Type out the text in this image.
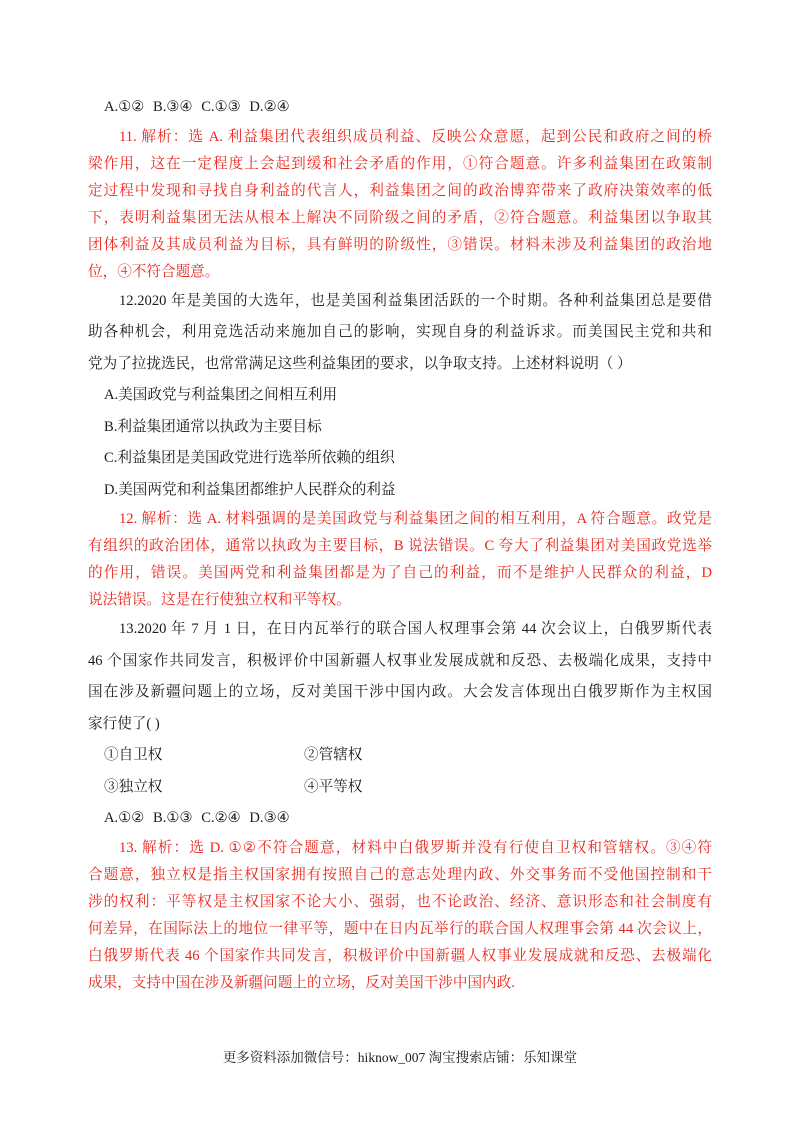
A.①② B.③④ C.①③ D.②④
11. 解析：选 A. 利益集团代表组织成员利益、反映公众意愿，起到公民和政府之间的桥
梁作用，这在一定程度上会起到缓和社会矛盾的作用，①符合题意。许多利益集团在政策制
定过程中发现和寻找自身利益的代言人，利益集团之间的政治博弈带来了政府决策效率的低
下，表明利益集团无法从根本上解决不同阶级之间的矛盾，②符合题意。利益集团以争取其
团体利益及其成员利益为目标，具有鲜明的阶级性，③错误。材料未涉及利益集团的政治地
位，④不符合题意。
12.2020 年是美国的大选年，也是美国利益集团活跃的一个时期。各种利益集团总是要借
助各种机会，利用竞选活动来施加自己的影响，实现自身的利益诉求。而美国民主党和共和
党为了拉拢选民，也常常满足这些利益集团的要求，以争取支持。上述材料说明（ ）
A.美国政党与利益集团之间相互利用
B.利益集团通常以执政为主要目标
C.利益集团是美国政党进行选举所依赖的组织
D.美国两党和利益集团都维护人民群众的利益
12. 解析：选 A. 材料强调的是美国政党与利益集团之间的相互利用，A 符合题意。政党是
有组织的政治团体，通常以执政为主要目标，B 说法错误。C 夸大了利益集团对美国政党选举
的作用，错误。美国两党和利益集团都是为了自己的利益，而不是维护人民群众的利益，D
说法错误。这是在行使独立权和平等权。
13.2020 年 7 月 1 日，在日内瓦举行的联合国人权理事会第 44 次会议上，白俄罗斯代表
46 个国家作共同发言，积极评价中国新疆人权事业发展成就和反恐、去极端化成果，支持中
国在涉及新疆问题上的立场，反对美国干涉中国内政。大会发言体现出白俄罗斯作为主权国
家行使了( )
①自卫权	②管辖权
③独立权	④平等权
A.①② B.①③ C.②④ D.③④
13. 解析：选 D. ①②不符合题意，材料中白俄罗斯并没有行使自卫权和管辖权。③④符
合题意，独立权是指主权国家拥有按照自己的意志处理内政、外交事务而不受他国控制和干
涉的权利：平等权是主权国家不论大小、强弱，也不论政治、经济、意识形态和社会制度有
何差异，在国际法上的地位一律平等，题中在日内瓦举行的联合国人权理事会第 44 次会议上，
白俄罗斯代表 46 个国家作共同发言，积极评价中国新疆人权事业发展成就和反恐、去极端化
成果，支持中国在涉及新疆问题上的立场，反对美国干涉中国内政.
更多资料添加微信号：hiknow_007 淘宝搜索店铺：乐知课堂
